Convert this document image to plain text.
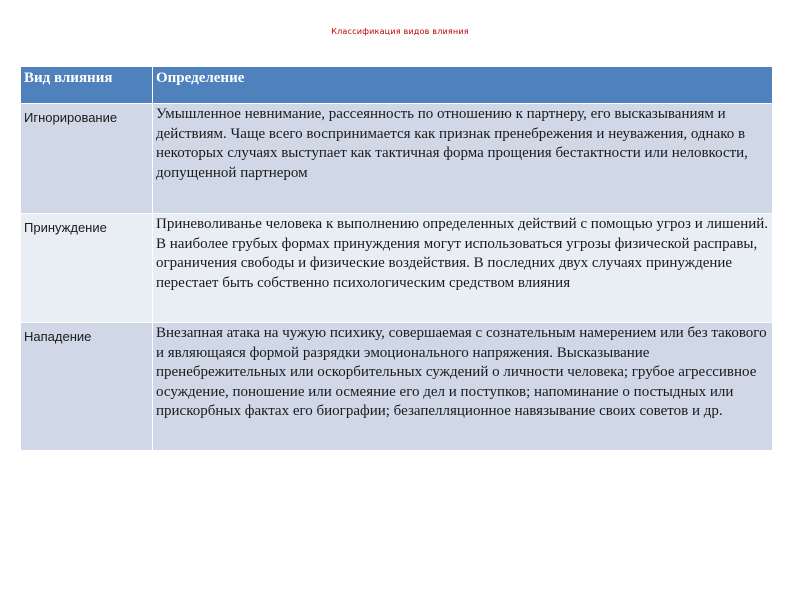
Классификация видов влияния
Вид влияния	Определение
Игнорирование	Умышленное невнимание, рассеянность по отношению к партнеру, его высказываниям и действиям. Чаще всего воспринимается как признак пренебрежения и неуважения, однако в некоторых случаях выступает как тактичная форма прощения бестактности или неловкости, допущенной партнером
Принуждение	Приневоливанье человека к выполнению определенных действий с помощью угроз и лишений. В наиболее грубых формах принуждения могут использоваться угрозы физической расправы, ограничения свободы и физические воздействия. В последних двух случаях принуждение перестает быть собственно психологическим средством влияния
Нападение	Внезапная атака на чужую психику, совершаемая с сознательным намерением или без такового и являющаяся формой разрядки эмоционального напряжения. Высказывание пренебрежительных или оскорбительных суждений о личности человека; грубое агрессивное осуждение, поношение или осмеяние его дел и поступков; напоминание о постыдных или прискорбных фактах его биографии; безапелляционное навязывание своих советов и др.
